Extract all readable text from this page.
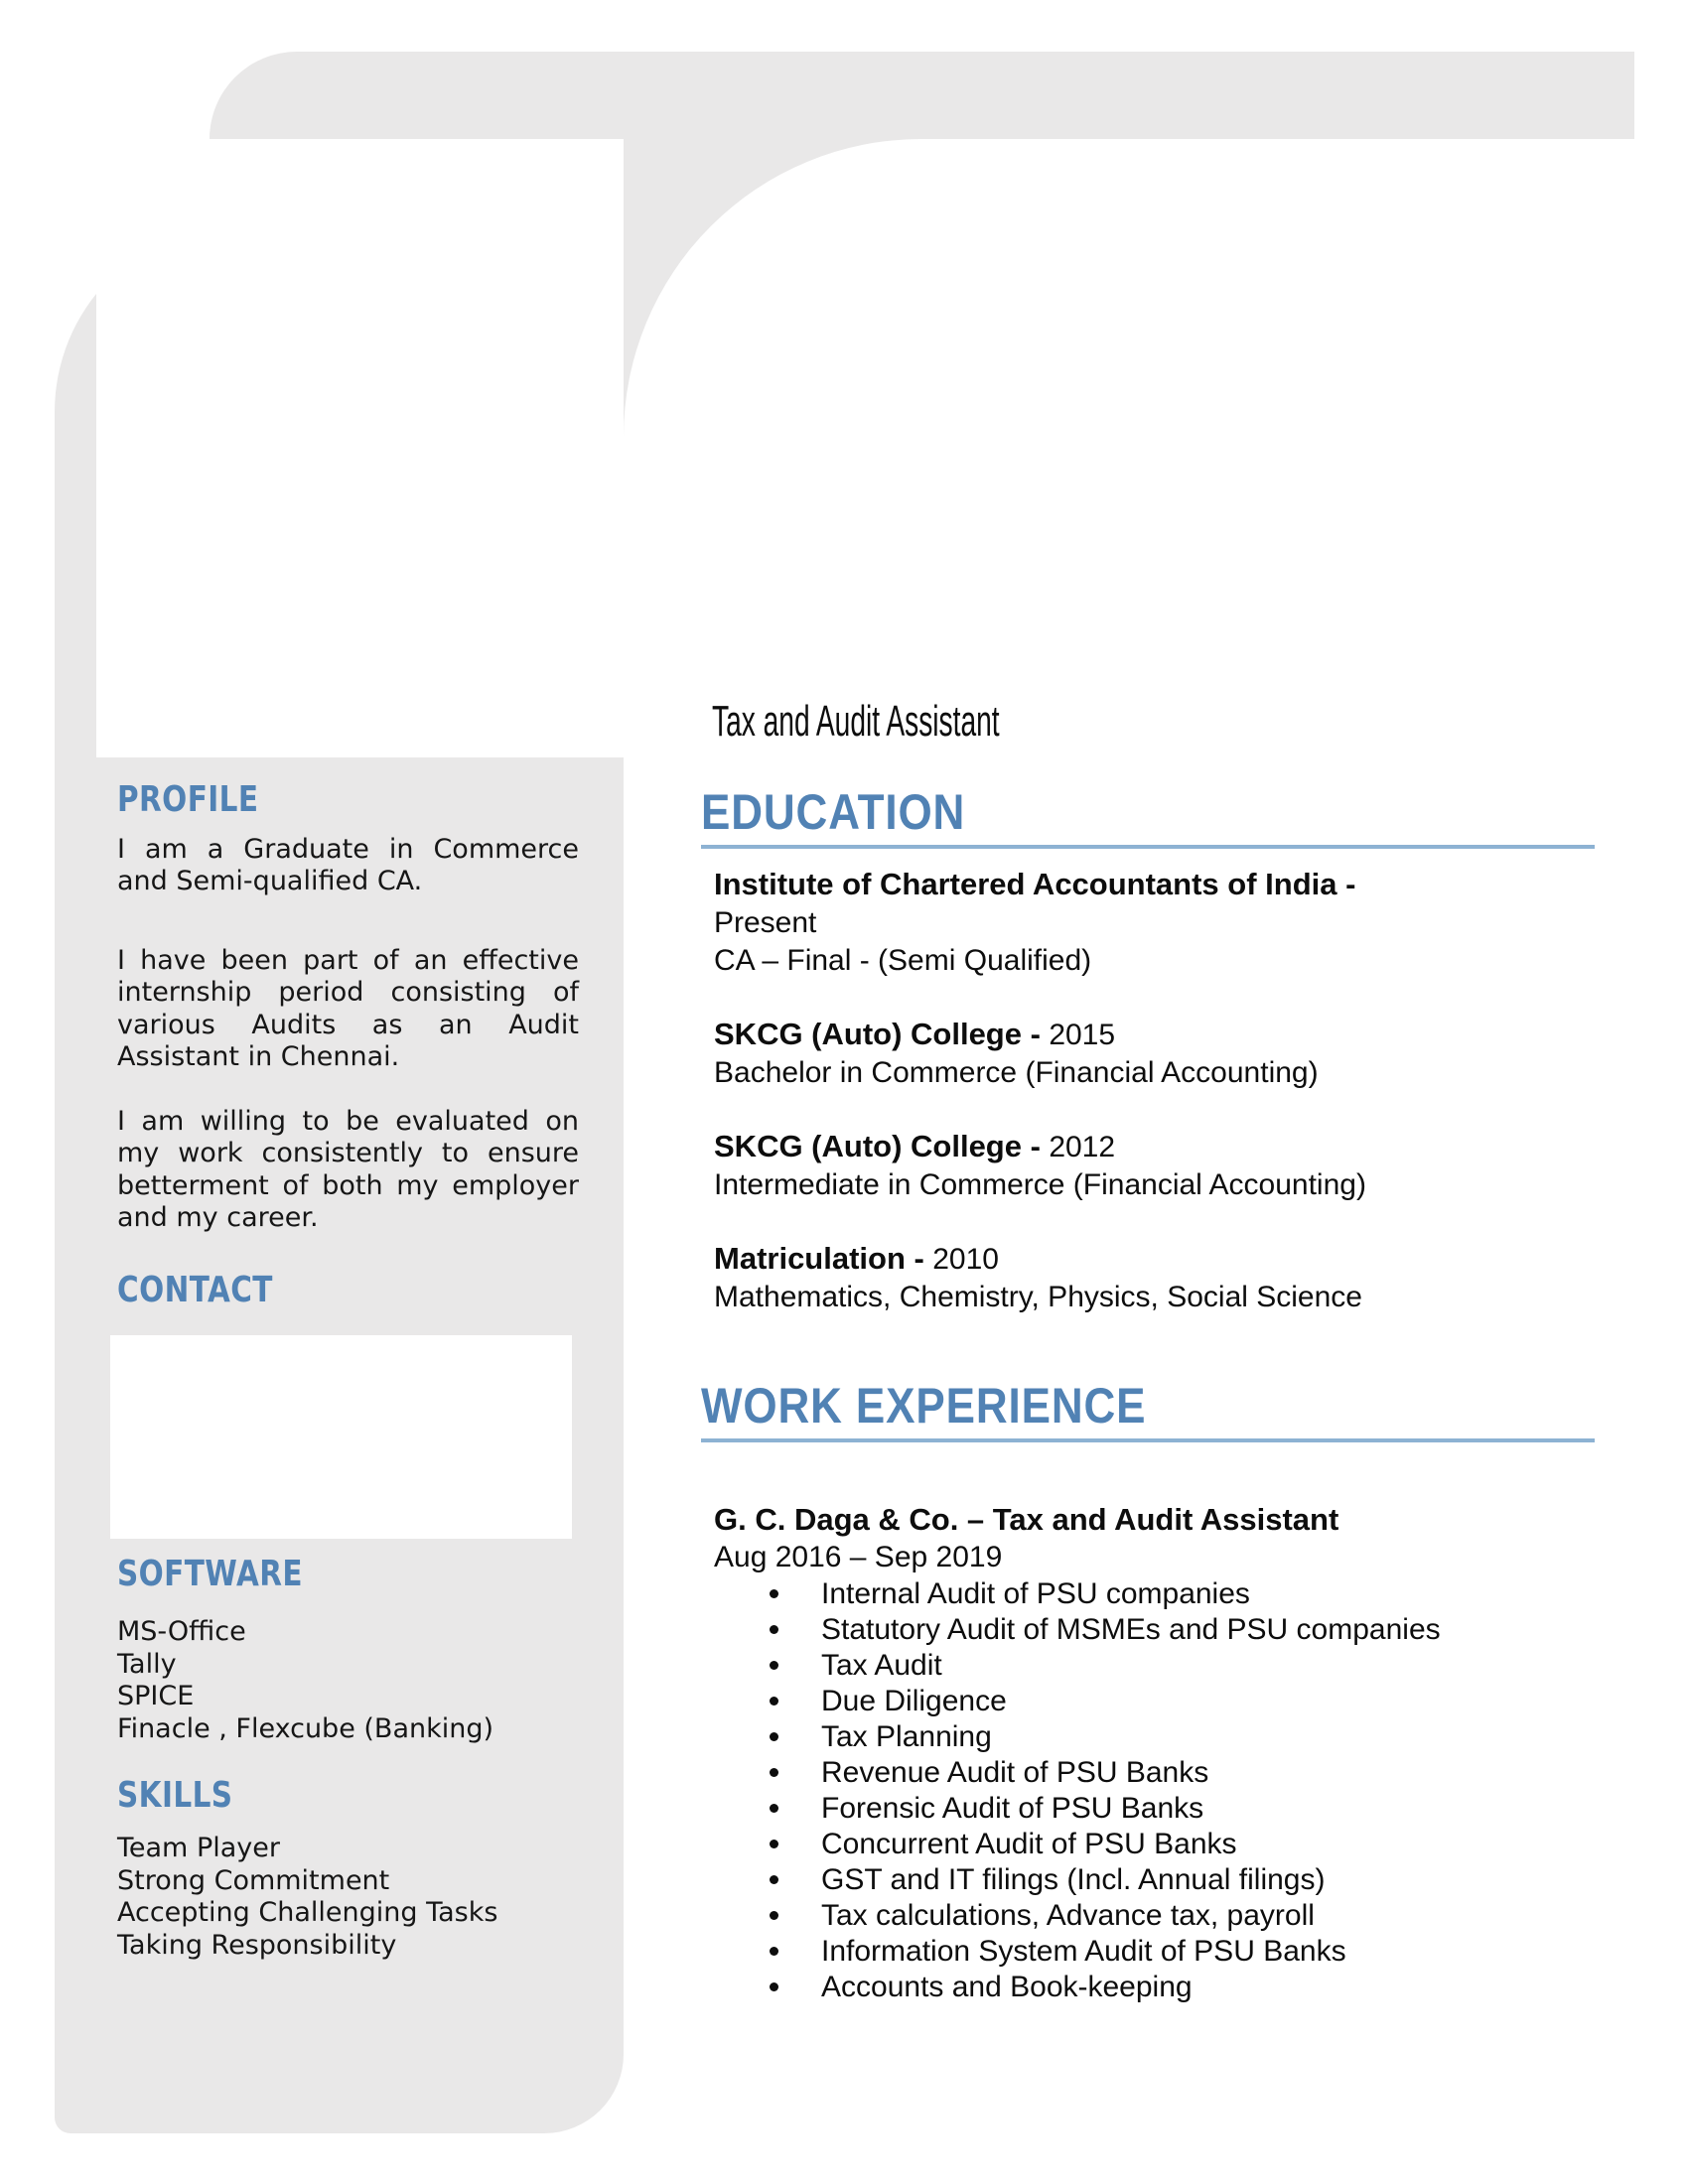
PROFILE

I am a Graduate in Commerce and Semi-qualified CA.

I have been part of an effective internship period consisting of various Audits as an Audit Assistant in Chennai.

I am willing to be evaluated on my work consistently to ensure betterment of both my employer and my career.

CONTACT
SOFTWARE
MS-Office
Tally
SPICE
Finacle , Flexcube (Banking)
SKILLS
Team Player
Strong Commitment
Accepting Challenging Tasks
Taking Responsibility
Tax and Audit Assistant
EDUCATION

Institute of Chartered Accountants of India -
Present

CA – Final - (Semi Qualified)

SKCG (Auto) College - 2015

Bachelor in Commerce (Financial Accounting)

SKCG (Auto) College - 2012

Intermediate in Commerce (Financial Accounting)

Matriculation - 2010

Mathematics, Chemistry, Physics, Social Science

WORK EXPERIENCE

G. C. Daga & Co. – Tax and Audit Assistant

Aug 2016 – Sep 2019

Internal Audit of PSU companies
Statutory Audit of MSMEs and PSU companies
Tax Audit
Due Diligence
Tax Planning
Revenue Audit of PSU Banks
Forensic Audit of PSU Banks
Concurrent Audit of PSU Banks
GST and IT filings (Incl. Annual filings)
Tax calculations, Advance tax, payroll
Information System Audit of PSU Banks
Accounts and Book-keeping
